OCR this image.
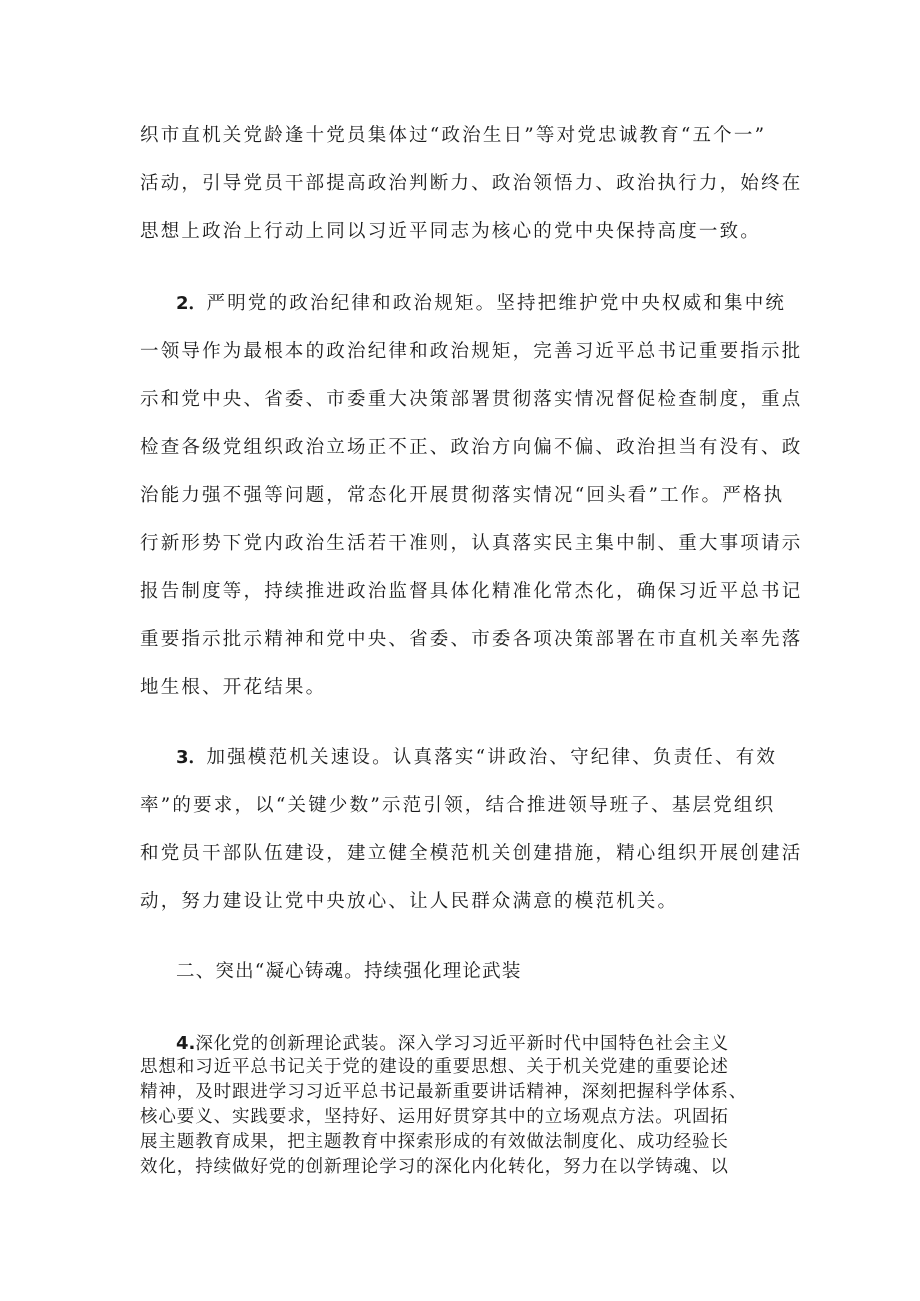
织市直机关党龄逢十党员集体过“政治生日”等对党忠诚教育“五个一”

活动，引导党员干部提高政治判断力、政治领悟力、政治执行力，始终在

思想上政治上行动上同以习近平同志为核心的党中央保持高度一致。

2．严明党的政治纪律和政治规矩。坚持把维护党中央权威和集中统

一领导作为最根本的政治纪律和政治规矩，完善习近平总书记重要指示批

示和党中央、省委、市委重大决策部署贯彻落实情况督促检查制度，重点

检查各级党组织政治立场正不正、政治方向偏不偏、政治担当有没有、政

治能力强不强等问题，常态化开展贯彻落实情况“回头看”工作。严格执

行新形势下党内政治生活若干准则，认真落实民主集中制、重大事项请示

报告制度等，持续推进政治监督具体化精准化常杰化，确保习近平总书记

重要指示批示精神和党中央、省委、市委各项决策部署在市直机关率先落

地生根、开花结果。

3．加强模范机关速设。认真落实“讲政治、守纪律、负责任、有效

率”的要求，以“关键少数”示范引领，结合推进领导班子、基层党组织

和党员干部队伍建设，建立健全模范机关创建措施，精心组织开展创建活

动，努力建设让党中央放心、让人民群众满意的模范机关。

二、突出“凝心铸魂。持续强化理论武装

4.深化党的创新理论武装。深入学习习近平新时代中国特色社会主义

思想和习近平总书记关于党的建设的重要思想、关于机关党建的重要论述

精神，及时跟进学习习近平总书记最新重要讲话精神，深刻把握科学体系、

核心要义、实践要求，坚持好、运用好贯穿其中的立场观点方法。巩固拓

展主题教育成果，把主题教育中探索形成的有效做法制度化、成功经验长

效化，持续做好党的创新理论学习的深化内化转化，努力在以学铸魂、以
